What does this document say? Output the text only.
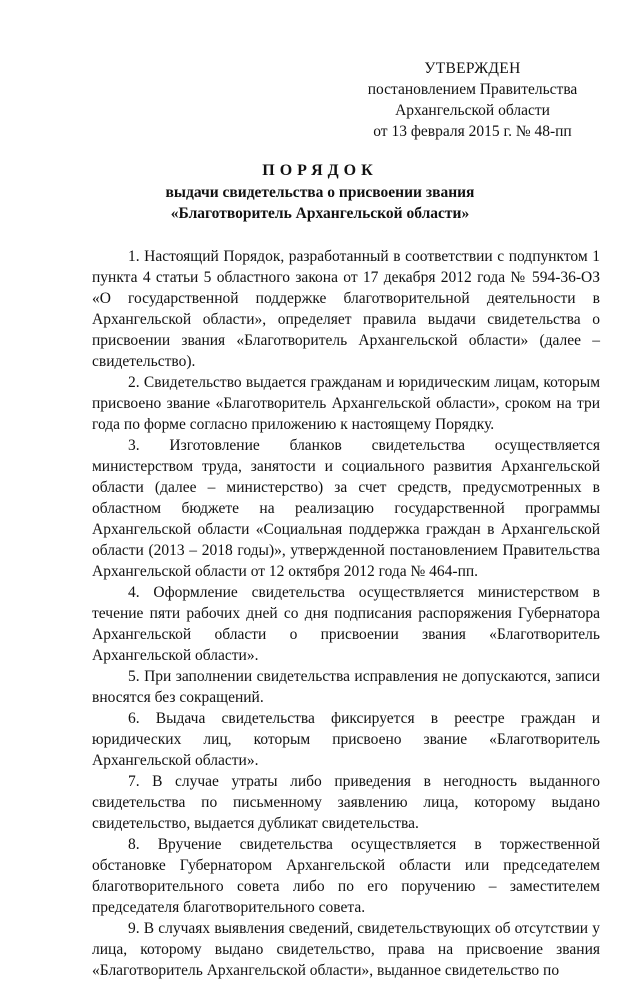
УТВЕРЖДЕН
постановлением Правительства
Архангельской области
от 13 февраля 2015 г. № 48-пп
ПОРЯДОК
выдачи свидетельства о присвоении звания
«Благотворитель Архангельской области»

1. Настоящий Порядок, разработанный в соответствии с подпунктом 1 пункта 4 статьи 5 областного закона от 17 декабря 2012 года № 594-36-ОЗ «О государственной поддержке благотворительной деятельности в Архангельской области», определяет правила выдачи свидетельства о присвоении звания «Благотворитель Архангельской области» (далее – свидетельство).

2. Свидетельство выдается гражданам и юридическим лицам, которым присвоено звание «Благотворитель Архангельской области», сроком на три года по форме согласно приложению к настоящему Порядку.

3. Изготовление бланков свидетельства осуществляется министерством труда, занятости и социального развития Архангельской области (далее – министерство) за счет средств, предусмотренных в областном бюджете на реализацию государственной программы Архангельской области «Социальная поддержка граждан в Архангельской области (2013 – 2018 годы)», утвержденной постановлением Правительства Архангельской области от 12 октября 2012 года № 464-пп.

4. Оформление свидетельства осуществляется министерством в течение пяти рабочих дней со дня подписания распоряжения Губернатора Архангельской области о присвоении звания «Благотворитель Архангельской области».

5. При заполнении свидетельства исправления не допускаются, записи вносятся без сокращений.

6. Выдача свидетельства фиксируется в реестре граждан и юридических лиц, которым присвоено звание «Благотворитель Архангельской области».

7. В случае утраты либо приведения в негодность выданного свидетельства по письменному заявлению лица, которому выдано свидетельство, выдается дубликат свидетельства.

8. Вручение свидетельства осуществляется в торжественной обстановке Губернатором Архангельской области или председателем благотворительного совета либо по его поручению – заместителем председателя благотворительного совета.

9. В случаях выявления сведений, свидетельствующих об отсутствии у лица, которому выдано свидетельство, права на присвоение звания «Благотворитель Архангельской области», выданное свидетельство по
